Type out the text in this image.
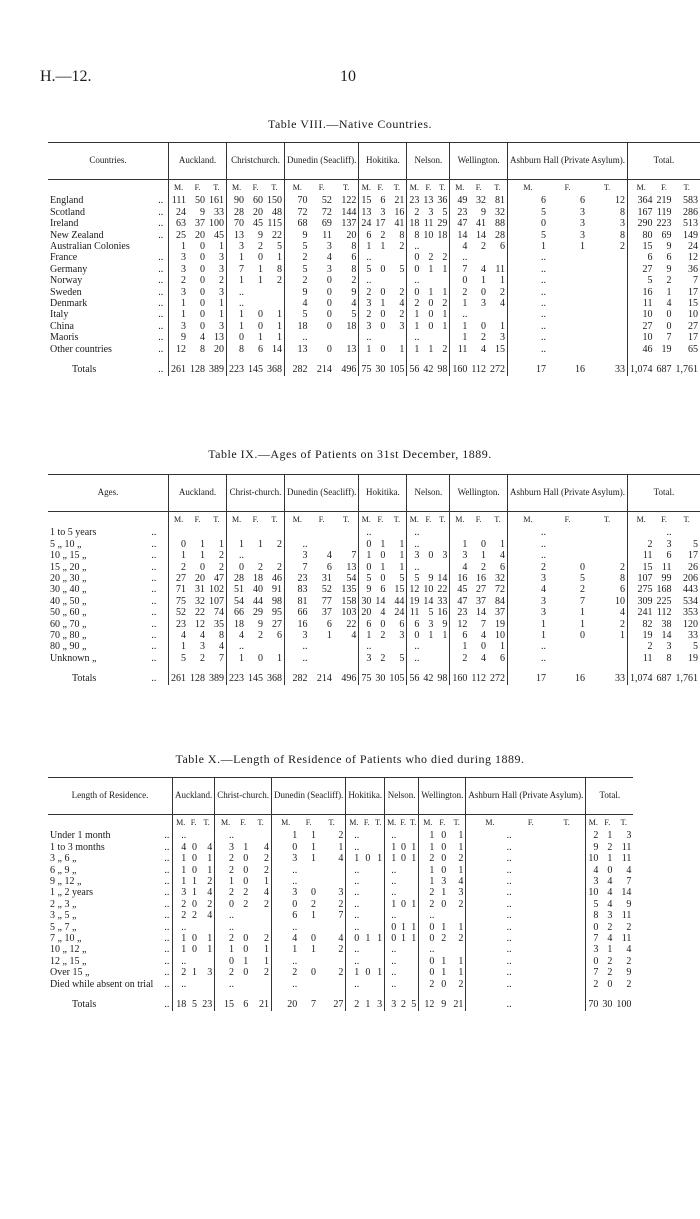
H.—12.	10
Table VIII.—Native Countries.
Countries.		Auckland.			Christchurch.			Dunedin (Seacliff).			Hokitika.			Nelson.			Wellington.			Ashburn Hall (Private Asylum).			Total.		
		M.	F.	T.	M.	F.	T.	M.	F.	T.	M.	F.	T.	M.	F.	T.	M.	F.	T.	M.	F.	T.	M.	F.	T.
England	..	111	50	161	90	60	150	70	52	122	15	6	21	23	13	36	49	32	81	6	6	12	364	219	583
Scotland	..	24	9	33	28	20	48	72	72	144	13	3	16	2	3	5	23	9	32	5	3	8	167	119	286
Ireland	..	63	37	100	70	45	115	68	69	137	24	17	41	18	11	29	47	41	88	0	3	3	290	223	513
New Zealand	..	25	20	45	13	9	22	9	11	20	6	2	8	8	10	18	14	14	28	5	3	8	80	69	149
Australian Colonies		1	0	1	3	2	5	5	3	8	1	1	2	..			4	2	6	1	1	2	15	9	24
France	..	3	0	3	1	0	1	2	4	6	..			0	2	2	..			..			6	6	12
Germany	..	3	0	3	7	1	8	5	3	8	5	0	5	0	1	1	7	4	11	..			27	9	36
Norway	..	2	0	2	1	1	2	2	0	2	..			..			0	1	1	..			5	2	7
Sweden	..	3	0	3	..			9	0	9	2	0	2	0	1	1	2	0	2	..			16	1	17
Denmark	..	1	0	1	..			4	0	4	3	1	4	2	0	2	1	3	4	..			11	4	15
Italy	..	1	0	1	1	0	1	5	0	5	2	0	2	1	0	1	..			..			10	0	10
China	..	3	0	3	1	0	1	18	0	18	3	0	3	1	0	1	1	0	1	..			27	0	27
Maoris	..	9	4	13	0	1	1	..			..			..			1	2	3	..			10	7	17
Other countries	..	12	8	20	8	6	14	13	0	13	1	0	1	1	1	2	11	4	15	..			46	19	65
Totals	..	261	128	389	223	145	368	282	214	496	75	30	105	56	42	98	160	112	272	17	16	33	1,074	687	1,761
Table IX.—Ages of Patients on 31st December, 1889.
Ages.		Auckland.			Christ-church.			Dunedin (Seacliff).			Hokitika.			Nelson.			Wellington.			Ashburn Hall (Private Asylum).			Total.		
		M.	F.	T.	M.	F.	T.	M.	F.	T.	M.	F.	T.	M.	F.	T.	M.	F.	T.	M.	F.	T.	M.	F.	T.
1 to 5 years	..										..			..						..				..	
5 „ 10 „	..	0	1	1	1	1	2	..			0	1	1	..			1	0	1	..			2	3	5
10 „ 15 „	..	1	1	2	..			3	4	7	1	0	1	3	0	3	3	1	4	..			11	6	17
15 „ 20 „	..	2	0	2	0	2	2	7	6	13	0	1	1	..			4	2	6	2	0	2	15	11	26
20 „ 30 „	..	27	20	47	28	18	46	23	31	54	5	0	5	5	9	14	16	16	32	3	5	8	107	99	206
30 „ 40 „	..	71	31	102	51	40	91	83	52	135	9	6	15	12	10	22	45	27	72	4	2	6	275	168	443
40 „ 50 „	..	75	32	107	54	44	98	81	77	158	30	14	44	19	14	33	47	37	84	3	7	10	309	225	534
50 „ 60 „	..	52	22	74	66	29	95	66	37	103	20	4	24	11	5	16	23	14	37	3	1	4	241	112	353
60 „ 70 „	..	23	12	35	18	9	27	16	6	22	6	0	6	6	3	9	12	7	19	1	1	2	82	38	120
70 „ 80 „	..	4	4	8	4	2	6	3	1	4	1	2	3	0	1	1	6	4	10	1	0	1	19	14	33
80 „ 90 „	..	1	3	4	..			..			..			..			1	0	1	..			2	3	5
Unknown „	..	5	2	7	1	0	1	..			3	2	5	..			2	4	6	..			11	8	19
Totals	..	261	128	389	223	145	368	282	214	496	75	30	105	56	42	98	160	112	272	17	16	33	1,074	687	1,761
Table X.—Length of Residence of Patients who died during 1889.
Length of Residence.		Auckland.			Christ-church.			Dunedin (Seacliff).			Hokitika.			Nelson.			Wellington.			Ashburn Hall (Private Asylum).			Total.		
		M.	F.	T.	M.	F.	T.	M.	F.	T.	M.	F.	T.	M.	F.	T.	M.	F.	T.	M.	F.	T.	M.	F.	T.
Under 1 month	..	..			..			1	1	2	..			..			1	0	1	..			2	1	3
1 to 3 months	..	4	0	4	3	1	4	0	1	1	..			1	0	1	1	0	1	..			9	2	11
3 „ 6 „	..	1	0	1	2	0	2	3	1	4	1	0	1	1	0	1	2	0	2	..			10	1	11
6 „ 9 „	..	1	0	1	2	0	2	..			..			..			1	0	1	..			4	0	4
9 „ 12 „	..	1	1	2	1	0	1	..			..			..			1	3	4	..			3	4	7
1 „ 2 years	..	3	1	4	2	2	4	3	0	3	..			..			2	1	3	..			10	4	14
2 „ 3 „	..	2	0	2	0	2	2	0	2	2	..			1	0	1	2	0	2	..			5	4	9
3 „ 5 „	..	2	2	4	..			6	1	7	..			..			..			..			8	3	11
5 „ 7 „	..	..			..			..			..			0	1	1	0	1	1	..			0	2	2
7 „ 10 „	..	1	0	1	2	0	2	4	0	4	0	1	1	0	1	1	0	2	2	..			7	4	11
10 „ 12 „	..	1	0	1	1	0	1	1	1	2	..			..			..			..			3	1	4
12 „ 15 „	..	..			0	1	1	..			..			..			0	1	1	..			0	2	2
Over 15 „	..	2	1	3	2	0	2	2	0	2	1	0	1	..			0	1	1	..			7	2	9
Died while absent on trial	..	..			..			..			..			..			2	0	2	..			2	0	2
Totals	..	18	5	23	15	6	21	20	7	27	2	1	3	3	2	5	12	9	21	..			70	30	100
